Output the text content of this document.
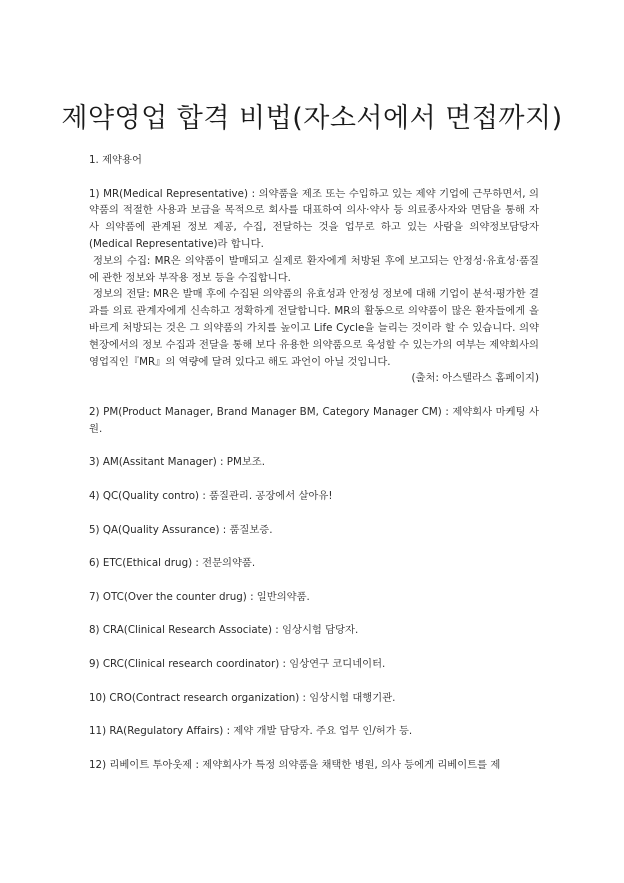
제약영업 합격 비법(자소서에서 면접까지)

1. 제약용어

1) MR(Medical Representative) : 의약품을 제조 또는 수입하고 있는 제약 기업에 근무하면서, 의약품의 적절한 사용과 보급을 목적으로 회사를 대표하여 의사·약사 등 의료종사자와 면담을 통해 자사 의약품에 관계된 정보 제공, 수집, 전달하는 것을 업무로 하고 있는 사람을 의약정보담당자(Medical Representative)라 합니다.

정보의 수집: MR은 의약품이 발매되고 실제로 환자에게 처방된 후에 보고되는 안정성·유효성·품질에 관한 정보와 부작용 정보 등을 수집합니다.

정보의 전달: MR은 발매 후에 수집된 의약품의 유효성과 안정성 정보에 대해 기업이 분석·평가한 결과를 의료 관계자에게 신속하고 정확하게 전달합니다. MR의 활동으로 의약품이 많은 환자들에게 올바르게 처방되는 것은 그 의약품의 가치를 높이고 Life Cycle을 늘리는 것이라 할 수 있습니다. 의약 현장에서의 정보 수집과 전달을 통해 보다 유용한 의약품으로 육성할 수 있는가의 여부는 제약회사의 영업직인『MR』의 역량에 달려 있다고 해도 과언이 아닐 것입니다.

(출처: 아스텔라스 홈페이지)

2) PM(Product Manager, Brand Manager BM, Category Manager CM) : 제약회사 마케팅 사원.

3) AM(Assitant Manager) : PM보조.

4) QC(Quality contro) : 품질관리. 공장에서 살아유!

5) QA(Quality Assurance) : 품질보증.

6) ETC(Ethical drug) : 전문의약품.

7) OTC(Over the counter drug) : 일반의약품.

8) CRA(Clinical Research Associate) : 임상시험 담당자.

9) CRC(Clinical research coordinator) : 임상연구 코디네이터.

10) CRO(Contract research organization) : 임상시험 대행기관.

11) RA(Regulatory Affairs) : 제약 개발 담당자. 주요 업무 인/허가 등.

12) 리베이트 투아웃제 : 제약회사가 특정 의약품을 채택한 병원, 의사 등에게 리베이트를 제
